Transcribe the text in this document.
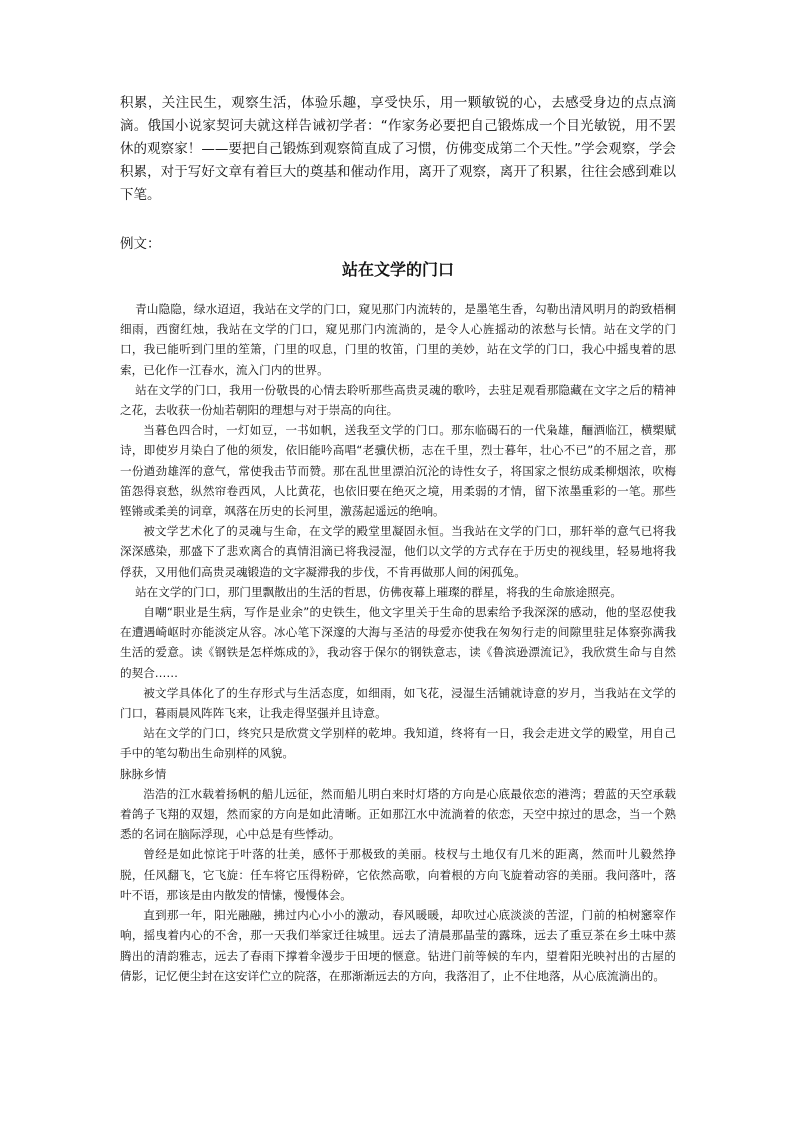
积累，关注民生，观察生活，体验乐趣，享受快乐，用一颗敏锐的心，去感受身边的点点滴滴。俄国小说家契诃夫就这样告诫初学者：“作家务必要把自己锻炼成一个目光敏锐，用不罢休的观察家！——要把自己锻炼到观察简直成了习惯，仿佛变成第二个天性。”学会观察，学会积累，对于写好文章有着巨大的奠基和催动作用，离开了观察，离开了积累，往往会感到难以下笔。

例文：

站在文学的门口

青山隐隐，绿水迢迢，我站在文学的门口，窥见那门内流转的，是墨笔生香，勾勒出清风明月的韵致梧桐细雨，西窗红烛，我站在文学的门口，窥见那门内流淌的，是令人心旌摇动的浓愁与长情。站在文学的门口，我已能听到门里的笙箫，门里的叹息，门里的牧笛，门里的美妙，站在文学的门口，我心中摇曳着的思索，已化作一江春水，流入门内的世界。

站在文学的门口，我用一份敬畏的心情去聆听那些高贵灵魂的歌吟，去驻足观看那隐藏在文字之后的精神之花，去收获一份灿若朝阳的理想与对于崇高的向往。

当暮色四合时，一灯如豆，一书如帆，送我至文学的门口。那东临碣石的一代枭雄，酾酒临江，横槊赋诗，即使岁月染白了他的须发，依旧能吟高唱“老骥伏枥，志在千里，烈士暮年，壮心不已”的不屈之音，那一份遒劲雄浑的意气，常使我击节而赞。那在乱世里漂泊沉沦的诗性女子，将国家之恨纺成柔柳烟浓，吹梅笛怨得哀愁，纵然帘卷西风，人比黄花，也依旧要在绝灭之境，用柔弱的才情，留下浓墨重彩的一笔。那些铿锵或柔美的词章，飒落在历史的长河里，激荡起遥远的绝响。

被文学艺术化了的灵魂与生命，在文学的殿堂里凝固永恒。当我站在文学的门口，那轩举的意气已将我深深感染，那盛下了悲欢离合的真情泪滴已将我浸湿，他们以文学的方式存在于历史的视线里，轻易地将我俘获，又用他们高贵灵魂锻造的文字凝滞我的步伐，不肯再做那人间的闲孤兔。

站在文学的门口，那门里飘散出的生活的哲思，仿佛夜幕上璀璨的群星，将我的生命旅途照亮。

自嘲“职业是生病，写作是业余”的史铁生，他文字里关于生命的思索给予我深深的感动，他的坚忍使我在遭遇崎岖时亦能淡定从容。冰心笔下深邃的大海与圣洁的母爱亦使我在匆匆行走的间隙里驻足体察弥满我生活的爱意。读《钢铁是怎样炼成的》，我动容于保尔的钢铁意志，读《鲁滨逊漂流记》，我欣赏生命与自然的契合……

被文学具体化了的生存形式与生活态度，如细雨，如飞花，浸湿生活铺就诗意的岁月，当我站在文学的门口，暮雨晨风阵阵飞来，让我走得坚强并且诗意。

站在文学的门口，终究只是欣赏文学别样的乾坤。我知道，终将有一日，我会走进文学的殿堂，用自己手中的笔勾勒出生命别样的风貌。

脉脉乡情

浩浩的江水载着扬帆的船儿远征，然而船儿明白来时灯塔的方向是心底最依恋的港湾；碧蓝的天空承载着鸽子飞翔的双翅，然而家的方向是如此清晰。正如那江水中流淌着的依恋，天空中掠过的思念，当一个熟悉的名词在脑际浮现，心中总是有些悸动。

曾经是如此惊诧于叶落的壮美，感怀于那极致的美丽。枝杈与土地仅有几米的距离，然而叶儿毅然挣脱，任风翻飞，它飞旋：任车将它压得粉碎，它依然高歌，向着根的方向飞旋着动容的美丽。我问落叶，落叶不语，那该是由内散发的情愫，慢慢体会。

直到那一年，阳光融融，拂过内心小小的激动，春风暖暖，却吹过心底淡淡的苦涩，门前的柏树窸窣作响，摇曳着内心的不舍，那一天我们举家迁往城里。远去了清晨那晶莹的露珠，远去了重豆茶在乡土味中蒸腾出的清韵雅志，远去了春雨下撑着伞漫步于田埂的惬意。钻进门前等候的车内，望着阳光映衬出的古屋的倩影，记忆便尘封在这安详伫立的院落，在那渐渐远去的方向，我落泪了，止不住地落，从心底流淌出的。
